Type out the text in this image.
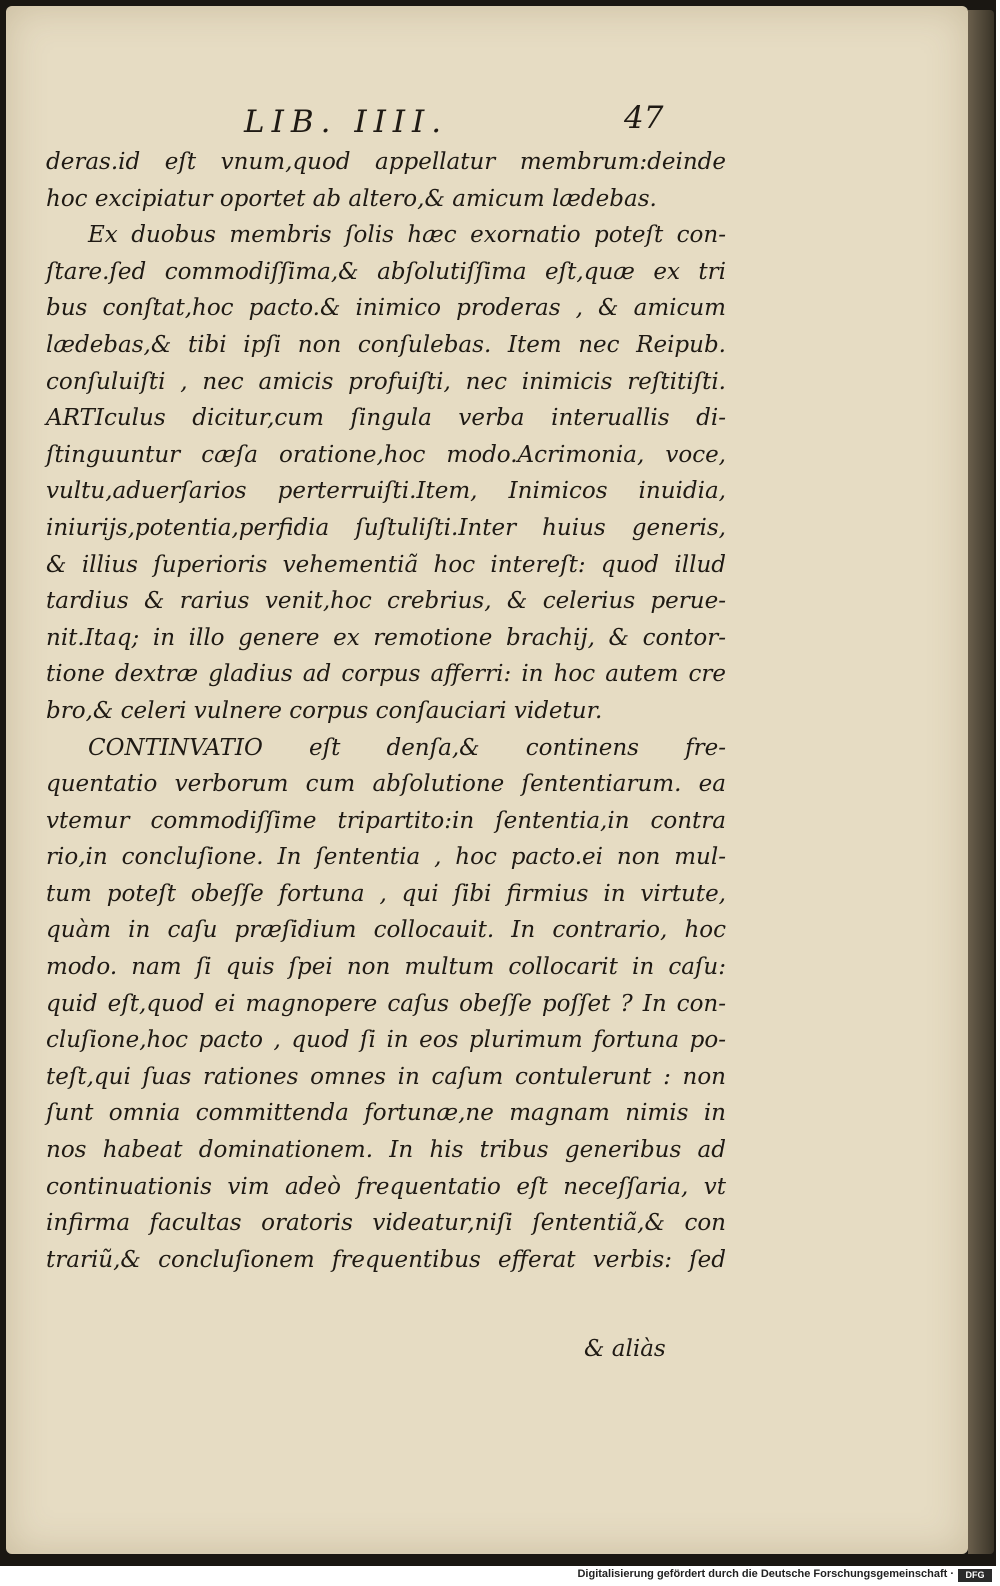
LIB. IIII.	47
deras.id eſt vnum,quod appellatur membrum:deinde
hoc excipiatur oportet ab altero,& amicum lædebas.
Ex duobus membris ſolis hæc exornatio poteſt con-
ſtare.ſed commodiſſima,& abſolutiſſima eſt,quæ ex tri
bus conſtat,hoc pacto.& inimico proderas , & amicum
lædebas,& tibi ipſi non conſulebas. Item nec Reipub.
conſuluiſti , nec amicis profuiſti, nec inimicis reſtitiſti.
ARTIculus dicitur,cum ſingula verba interuallis di-
ſtinguuntur cæſa oratione,hoc modo.Acrimonia, voce,
vultu,aduerſarios perterruiſti.Item, Inimicos inuidia,
iniurijs,potentia,perfidia ſuſtuliſti.Inter huius generis,
& illius ſuperioris vehementiã hoc intereſt: quod illud
tardius & rarius venit,hoc crebrius, & celerius perue-
nit.Itaq; in illo genere ex remotione brachij, & contor-
tione dextræ gladius ad corpus afferri: in hoc autem cre
bro,& celeri vulnere corpus conſauciari videtur.
CONTINVATIO eſt denſa,& continens fre-
quentatio verborum cum abſolutione ſententiarum. ea
vtemur commodiſſime tripartito:in ſententia,in contra
rio,in concluſione. In ſententia , hoc pacto.ei non mul-
tum poteſt obeſſe fortuna , qui ſibi firmius in virtute,
quàm in caſu præſidium collocauit. In contrario, hoc
modo. nam ſi quis ſpei non multum collocarit in caſu:
quid eſt,quod ei magnopere caſus obeſſe poſſet ? In con-
cluſione,hoc pacto , quod ſi in eos plurimum fortuna po-
teſt,qui ſuas rationes omnes in caſum contulerunt : non
ſunt omnia committenda fortunæ,ne magnam nimis in
nos habeat dominationem. In his tribus generibus ad
continuationis vim adeò frequentatio eſt neceſſaria, vt
infirma facultas oratoris videatur,niſi ſententiã,& con
trariũ,& concluſionem frequentibus efferat verbis: ſed
& aliàs
Digitalisierung gefördert durch die Deutsche Forschungsgemeinschaft ·	DFG
